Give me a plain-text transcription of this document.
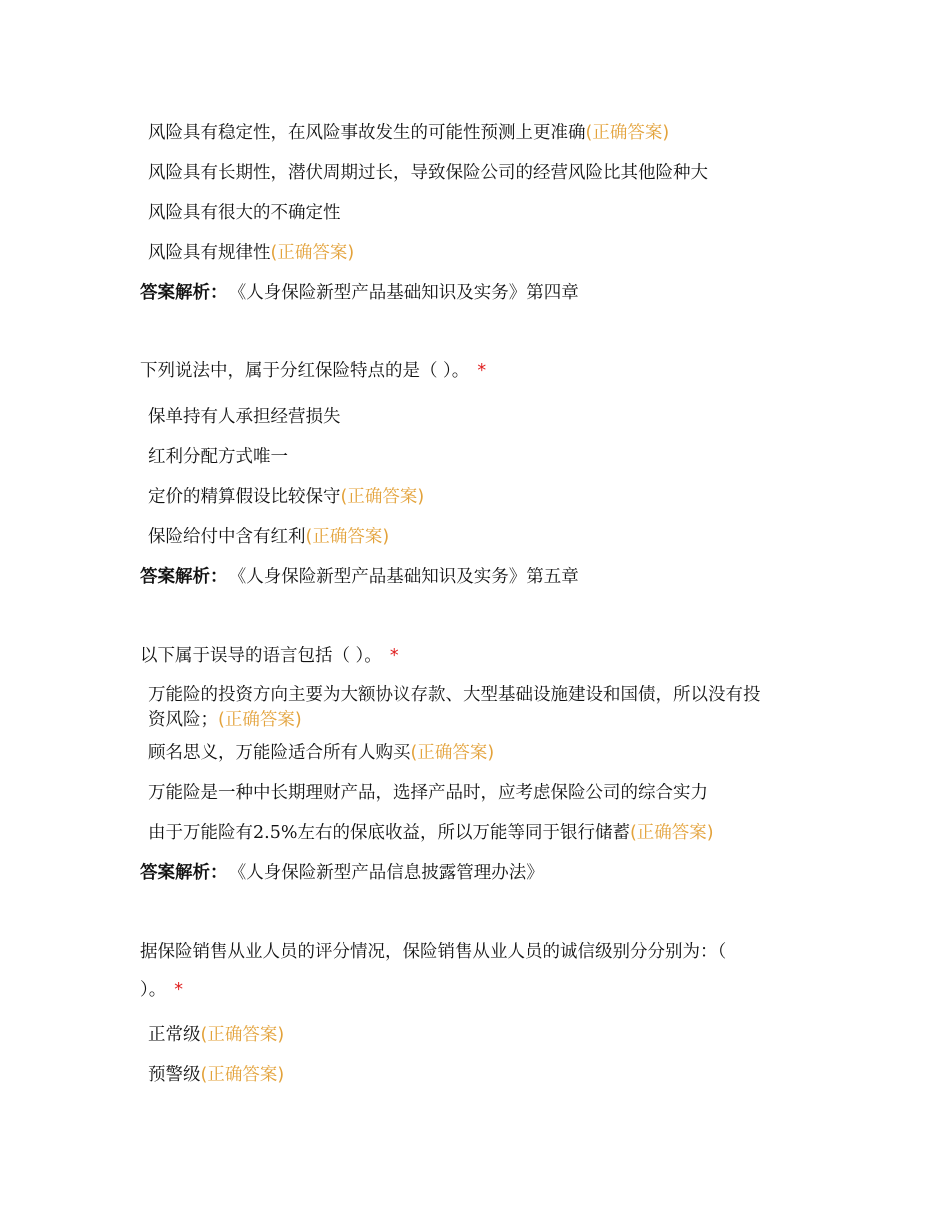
风险具有稳定性，在风险事故发生的可能性预测上更准确(正确答案)
风险具有长期性，潜伏周期过长，导致保险公司的经营风险比其他险种大
风险具有很大的不确定性
风险具有规律性(正确答案)
答案解析： 《人身保险新型产品基础知识及实务》第四章
下列说法中，属于分红保险特点的是（ ）。 *
保单持有人承担经营损失
红利分配方式唯一
定价的精算假设比较保守(正确答案)
保险给付中含有红利(正确答案)
答案解析： 《人身保险新型产品基础知识及实务》第五章
以下属于误导的语言包括（ ）。 *
万能险的投资方向主要为大额协议存款、大型基础设施建设和国债，所以没有投
资风险；(正确答案)
顾名思义，万能险适合所有人购买(正确答案)
万能险是一种中长期理财产品，选择产品时，应考虑保险公司的综合实力
由于万能险有2.5%左右的保底收益，所以万能等同于银行储蓄(正确答案)
答案解析： 《人身保险新型产品信息披露管理办法》
据保险销售从业人员的评分情况，保险销售从业人员的诚信级别分分别为：（
）。 *
正常级(正确答案)
预警级(正确答案)
